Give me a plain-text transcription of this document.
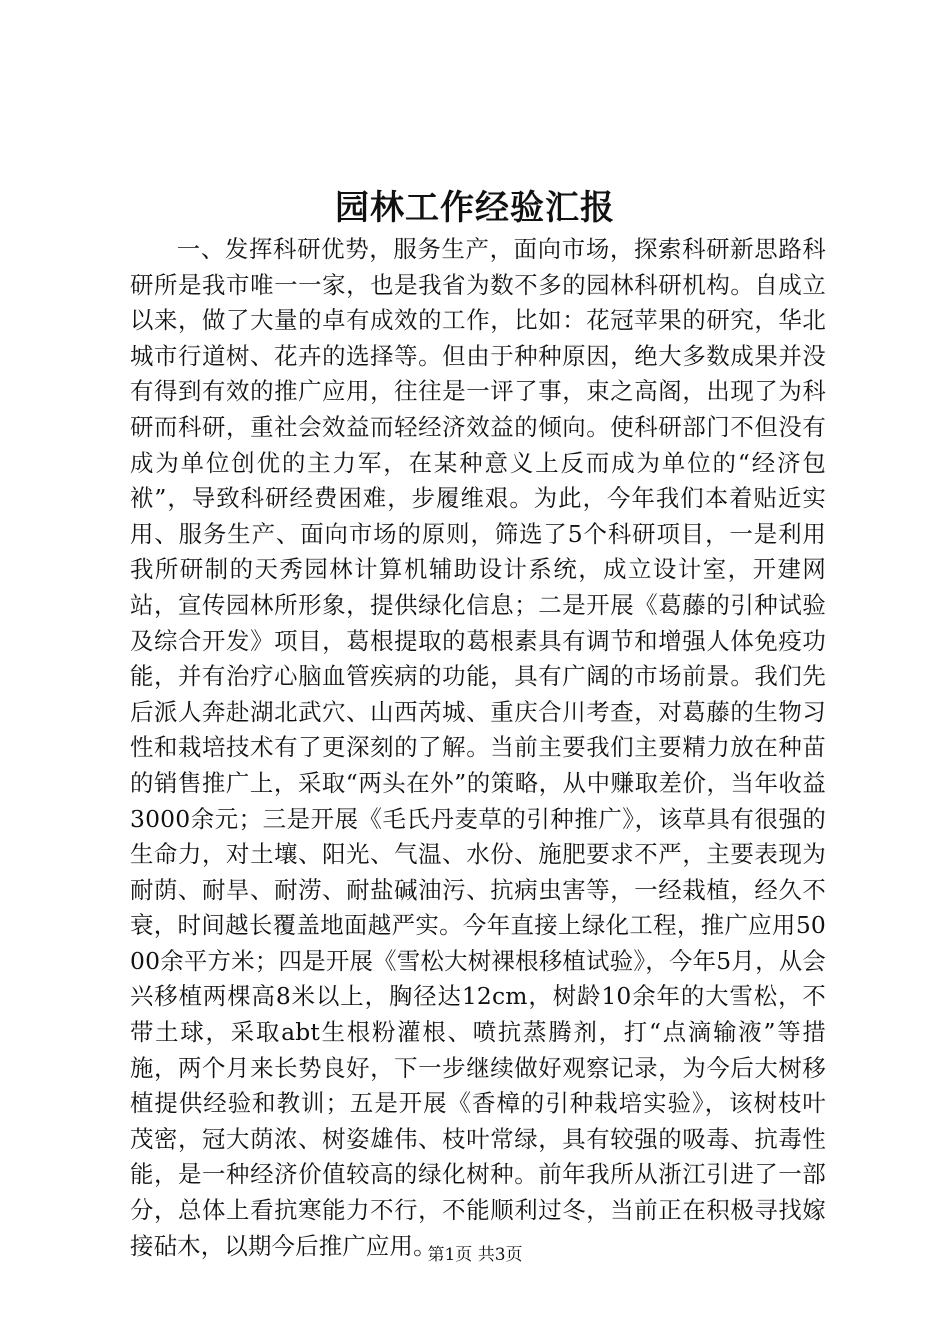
园林工作经验汇报

一、发挥科研优势，服务生产，面向市场，探索科研新思路科研所是我市唯一一家，也是我省为数不多的园林科研机构。自成立以来，做了大量的卓有成效的工作，比如：花冠苹果的研究，华北城市行道树、花卉的选择等。但由于种种原因，绝大多数成果并没有得到有效的推广应用，往往是一评了事，束之高阁，出现了为科研而科研，重社会效益而轻经济效益的倾向。使科研部门不但没有成为单位创优的主力军，在某种意义上反而成为单位的“经济包袱”，导致科研经费困难，步履维艰。为此，今年我们本着贴近实用、服务生产、面向市场的原则，筛选了5个科研项目，一是利用我所研制的天秀园林计算机辅助设计系统，成立设计室，开建网站，宣传园林所形象，提供绿化信息；二是开展《葛藤的引种试验及综合开发》项目，葛根提取的葛根素具有调节和增强人体免疫功能，并有治疗心脑血管疾病的功能，具有广阔的市场前景。我们先后派人奔赴湖北武穴、山西芮城、重庆合川考查，对葛藤的生物习性和栽培技术有了更深刻的了解。当前主要我们主要精力放在种苗的销售推广上，采取“两头在外”的策略，从中赚取差价，当年收益3000余元；三是开展《毛氏丹麦草的引种推广》，该草具有很强的生命力，对土壤、阳光、气温、水份、施肥要求不严，主要表现为耐荫、耐旱、耐涝、耐盐碱油污、抗病虫害等，一经栽植，经久不衰，时间越长覆盖地面越严实。今年直接上绿化工程，推广应用5000余平方米；四是开展《雪松大树裸根移植试验》，今年5月，从会兴移植两棵高8米以上，胸径达12cm，树龄10余年的大雪松，不带土球，采取abt生根粉灌根、喷抗蒸腾剂，打“点滴输液”等措施，两个月来长势良好，下一步继续做好观察记录，为今后大树移植提供经验和教训；五是开展《香樟的引种栽培实验》，该树枝叶茂密，冠大荫浓、树姿雄伟、枝叶常绿，具有较强的吸毒、抗毒性能，是一种经济价值较高的绿化树种。前年我所从浙江引进了一部分，总体上看抗寒能力不行，不能顺利过冬，当前正在积极寻找嫁接砧木，以期今后推广应用。

第1页 共3页
